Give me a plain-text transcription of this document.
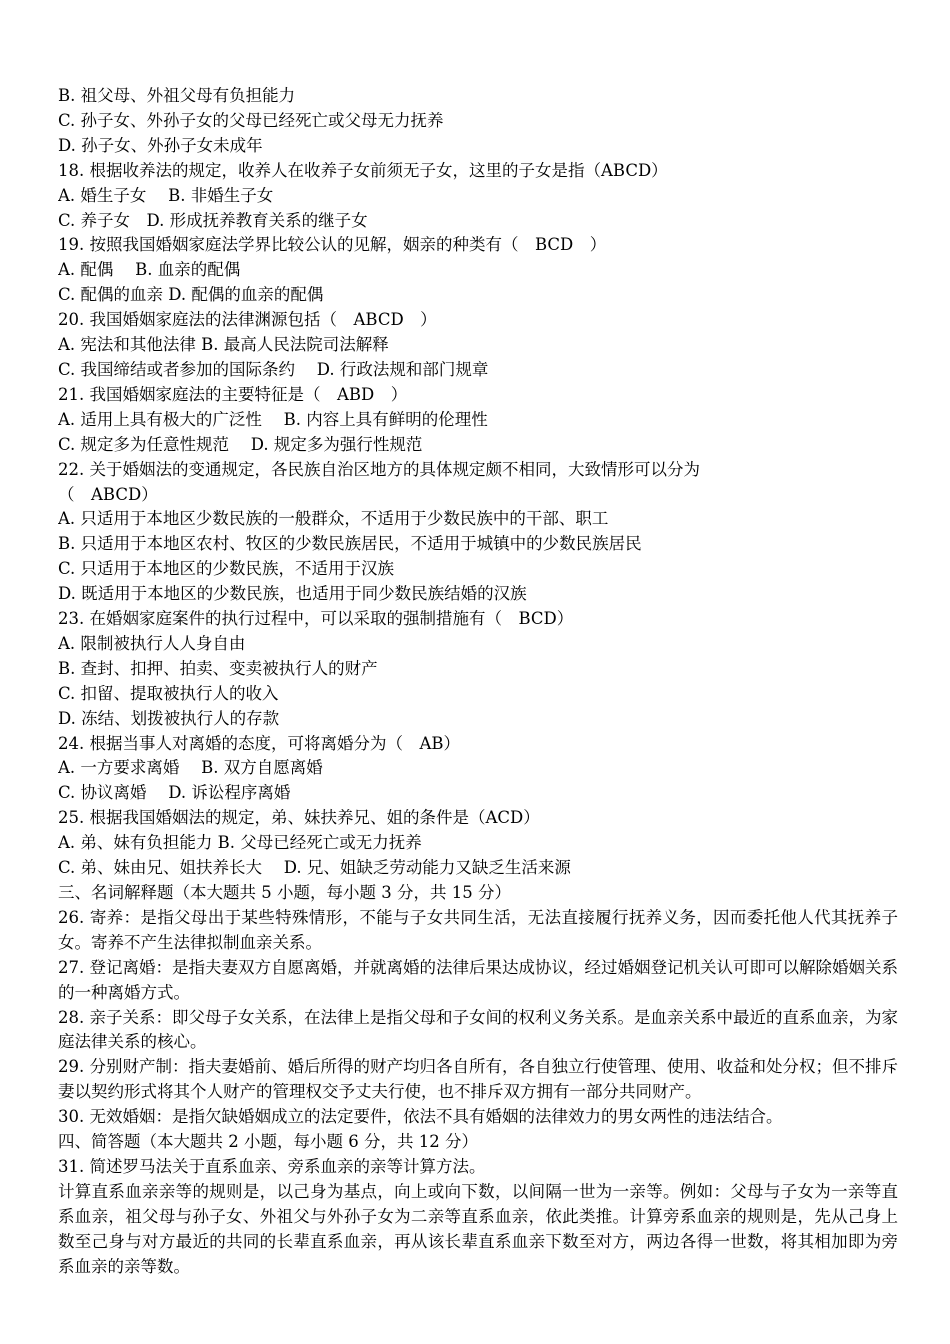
B. 祖父母、外祖父母有负担能力
C. 孙子女、外孙子女的父母已经死亡或父母无力抚养
D. 孙子女、外孙子女未成年
18. 根据收养法的规定，收养人在收养子女前须无子女，这里的子女是指（ABCD）
A. 婚生子女　 B. 非婚生子女
C. 养子女　D. 形成抚养教育关系的继子女
19. 按照我国婚姻家庭法学界比较公认的见解，姻亲的种类有（　BCD　）
A. 配偶　 B. 血亲的配偶
C. 配偶的血亲 D. 配偶的血亲的配偶
20. 我国婚姻家庭法的法律渊源包括（　ABCD　）
A. 宪法和其他法律 B. 最高人民法院司法解释
C. 我国缔结或者参加的国际条约　 D. 行政法规和部门规章
21. 我国婚姻家庭法的主要特征是（　ABD　）
A. 适用上具有极大的广泛性　 B. 内容上具有鲜明的伦理性
C. 规定多为任意性规范　 D. 规定多为强行性规范
22. 关于婚姻法的变通规定，各民族自治区地方的具体规定颇不相同，大致情形可以分为
（　ABCD）
A. 只适用于本地区少数民族的一般群众，不适用于少数民族中的干部、职工
B. 只适用于本地区农村、牧区的少数民族居民，不适用于城镇中的少数民族居民
C. 只适用于本地区的少数民族，不适用于汉族
D. 既适用于本地区的少数民族，也适用于同少数民族结婚的汉族
23. 在婚姻家庭案件的执行过程中，可以采取的强制措施有（　BCD）
A. 限制被执行人人身自由
B. 查封、扣押、拍卖、变卖被执行人的财产
C. 扣留、提取被执行人的收入
D. 冻结、划拨被执行人的存款
24. 根据当事人对离婚的态度，可将离婚分为（　AB）
A. 一方要求离婚　 B. 双方自愿离婚
C. 协议离婚　 D. 诉讼程序离婚
25. 根据我国婚姻法的规定，弟、妹扶养兄、姐的条件是（ACD）
A. 弟、妹有负担能力 B. 父母已经死亡或无力抚养
C. 弟、妹由兄、姐扶养长大　 D. 兄、姐缺乏劳动能力又缺乏生活来源
三、名词解释题（本大题共 5 小题，每小题 3 分，共 15 分）
26. 寄养：是指父母出于某些特殊情形，不能与子女共同生活，无法直接履行抚养义务，因而委托他人代其抚养子女。寄养不产生法律拟制血亲关系。
27. 登记离婚：是指夫妻双方自愿离婚，并就离婚的法律后果达成协议，经过婚姻登记机关认可即可以解除婚姻关系的一种离婚方式。
28. 亲子关系：即父母子女关系，在法律上是指父母和子女间的权利义务关系。是血亲关系中最近的直系血亲，为家庭法律关系的核心。
29. 分别财产制：指夫妻婚前、婚后所得的财产均归各自所有，各自独立行使管理、使用、收益和处分权；但不排斥妻以契约形式将其个人财产的管理权交予丈夫行使，也不排斥双方拥有一部分共同财产。
30. 无效婚姻：是指欠缺婚姻成立的法定要件，依法不具有婚姻的法律效力的男女两性的违法结合。
四、简答题（本大题共 2 小题，每小题 6 分，共 12 分）
31. 简述罗马法关于直系血亲、旁系血亲的亲等计算方法。
计算直系血亲亲等的规则是，以己身为基点，向上或向下数，以间隔一世为一亲等。例如：父母与子女为一亲等直系血亲，祖父母与孙子女、外祖父与外孙子女为二亲等直系血亲，依此类推。计算旁系血亲的规则是，先从己身上数至己身与对方最近的共同的长辈直系血亲，再从该长辈直系血亲下数至对方，两边各得一世数，将其相加即为旁系血亲的亲等数。
